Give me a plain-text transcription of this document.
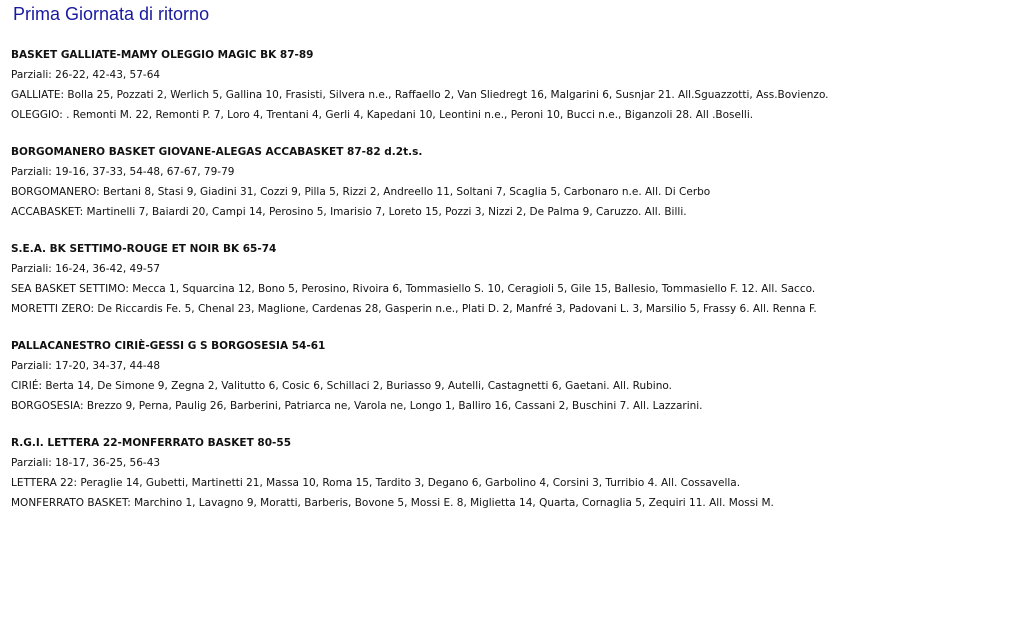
Prima Giornata di ritorno
BASKET GALLIATE-MAMY OLEGGIO MAGIC BK 87-89
Parziali: 26-22, 42-43, 57-64
GALLIATE: Bolla 25, Pozzati 2, Werlich 5, Gallina 10, Frasisti, Silvera n.e., Raffaello 2, Van Sliedregt 16, Malgarini 6, Susnjar 21. All.Sguazzotti, Ass.Bovienzo.
OLEGGIO: . Remonti M. 22, Remonti P. 7, Loro 4, Trentani 4, Gerli 4, Kapedani 10, Leontini n.e., Peroni 10, Bucci n.e., Biganzoli 28. All .Boselli.
BORGOMANERO BASKET GIOVANE-ALEGAS ACCABASKET 87-82 d.2t.s.
Parziali: 19-16, 37-33, 54-48, 67-67, 79-79
BORGOMANERO: Bertani 8, Stasi 9, Giadini 31, Cozzi 9, Pilla 5, Rizzi 2, Andreello 11, Soltani 7, Scaglia 5, Carbonaro n.e. All. Di Cerbo
ACCABASKET: Martinelli 7, Baiardi 20, Campi 14, Perosino 5, Imarisio 7, Loreto 15, Pozzi 3, Nizzi 2, De Palma 9, Caruzzo. All. Billi.
S.E.A. BK SETTIMO-ROUGE ET NOIR BK 65-74
Parziali: 16-24, 36-42, 49-57
SEA BASKET SETTIMO: Mecca 1, Squarcina 12, Bono 5, Perosino, Rivoira 6, Tommasiello S. 10, Ceragioli 5, Gile 15, Ballesio, Tommasiello F. 12. All. Sacco.
MORETTI ZERO: De Riccardis Fe. 5, Chenal 23, Maglione, Cardenas 28, Gasperin n.e., Plati D. 2, Manfré 3, Padovani L. 3, Marsilio 5, Frassy 6. All. Renna F.
PALLACANESTRO CIRIÈ-GESSI G S BORGOSESIA 54-61
Parziali: 17-20, 34-37, 44-48
CIRIÉ: Berta 14, De Simone 9, Zegna 2, Valitutto 6, Cosic 6, Schillaci 2, Buriasso 9, Autelli, Castagnetti 6, Gaetani. All. Rubino.
BORGOSESIA: Brezzo 9, Perna, Paulig 26, Barberini, Patriarca ne, Varola ne, Longo 1, Balliro 16, Cassani 2, Buschini 7. All. Lazzarini.
R.G.I. LETTERA 22-MONFERRATO BASKET 80-55
Parziali: 18-17, 36-25, 56-43
LETTERA 22: Peraglie 14, Gubetti, Martinetti 21, Massa 10, Roma 15, Tardito 3, Degano 6, Garbolino 4, Corsini 3, Turribio 4. All. Cossavella.
MONFERRATO BASKET: Marchino 1, Lavagno 9, Moratti, Barberis, Bovone 5, Mossi E. 8, Miglietta 14, Quarta, Cornaglia 5, Zequiri 11. All. Mossi M.
